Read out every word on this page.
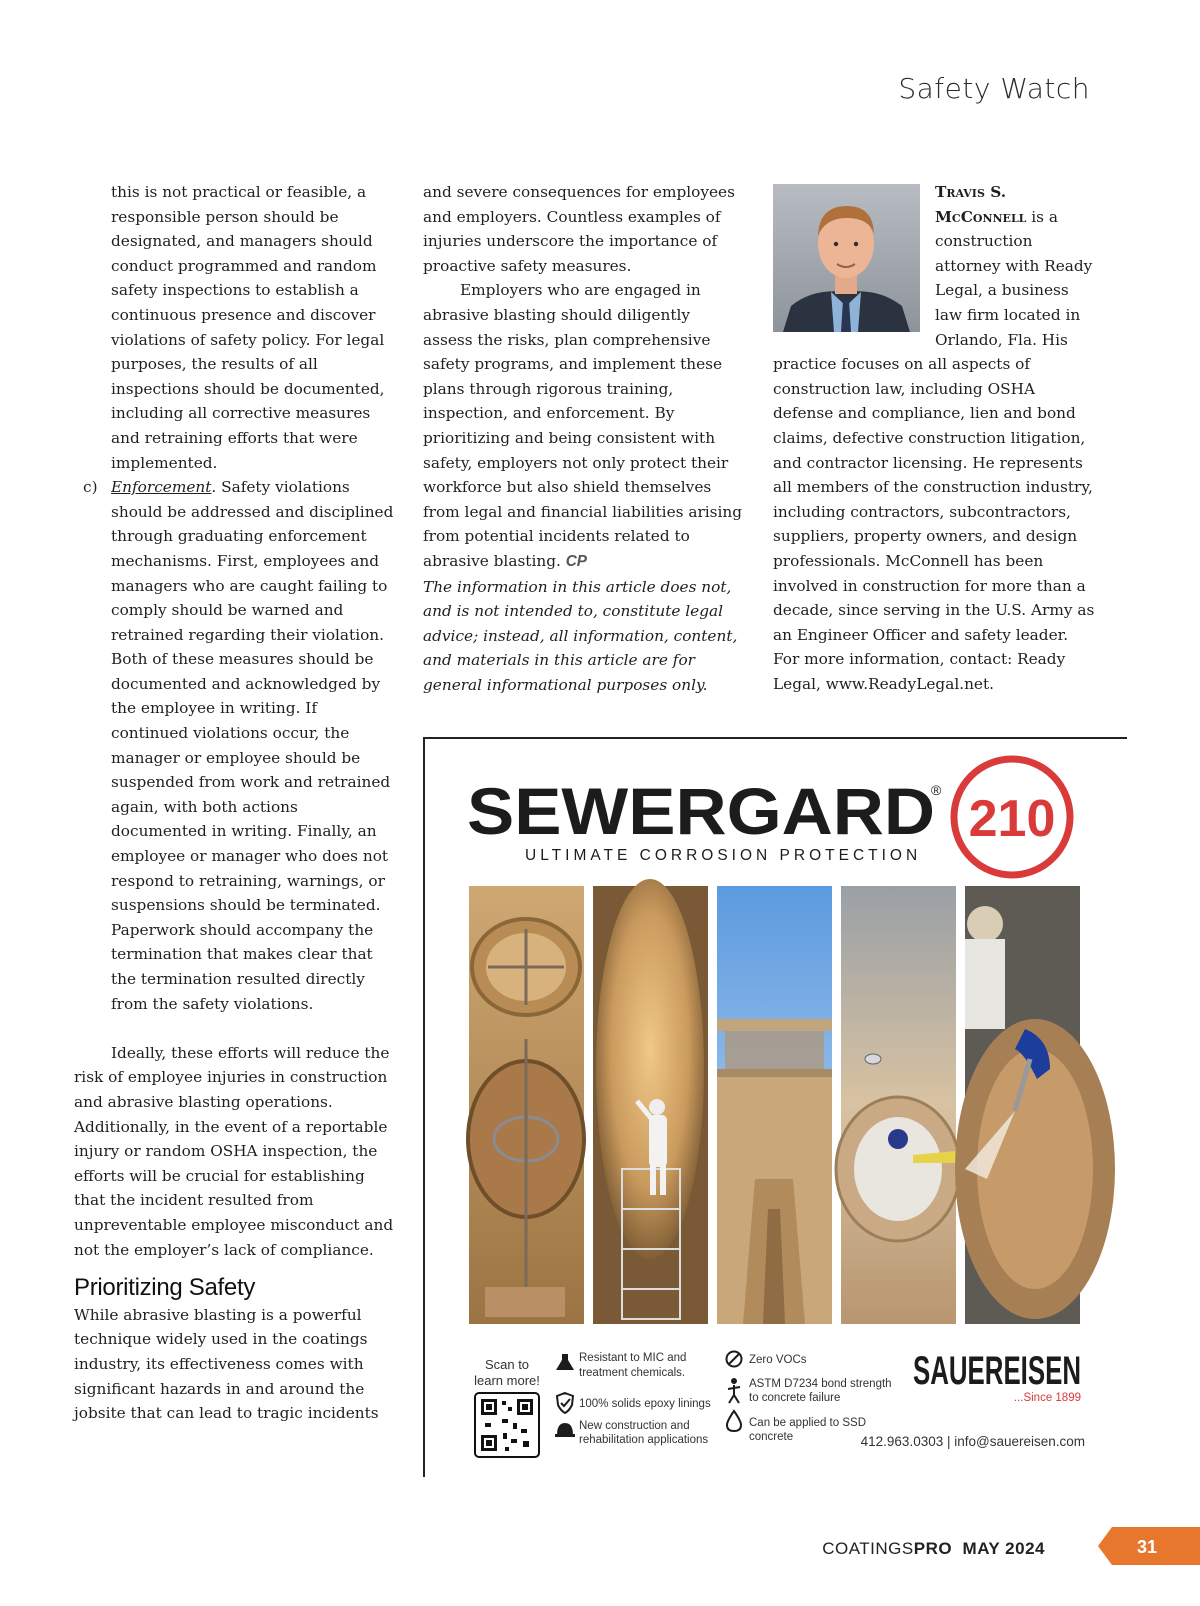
Safety Watch

this is not practical or feasible, a responsible person should be designated, and managers should conduct programmed and random safety inspections to establish a continuous presence and discover violations of safety policy. For legal purposes, the results of all inspections should be documented, including all corrective measures and retraining efforts that were implemented.

c) Enforcement. Safety violations should be addressed and disciplined through graduating enforcement mechanisms. First, employees and managers who are caught failing to comply should be warned and retrained regarding their violation. Both of these measures should be documented and acknowledged by the employee in writing. If continued violations occur, the manager or employee should be suspended from work and retrained again, with both actions documented in writing. Finally, an employee or manager who does not respond to retraining, warnings, or suspensions should be terminated. Paperwork should accompany the termination that makes clear that the termination resulted directly from the safety violations.

Ideally, these efforts will reduce the risk of employee injuries in construction and abrasive blasting operations. Additionally, in the event of a reportable injury or random OSHA inspection, the efforts will be crucial for establishing that the incident resulted from unpreventable employee misconduct and not the employer’s lack of compliance.

Prioritizing Safety

While abrasive blasting is a powerful technique widely used in the coatings industry, its effectiveness comes with significant hazards in and around the jobsite that can lead to tragic incidents

and severe consequences for employees and employers. Countless examples of injuries underscore the importance of proactive safety measures.

Employers who are engaged in abrasive blasting should diligently assess the risks, plan comprehensive safety programs, and implement these plans through rigorous training, inspection, and enforcement. By prioritizing and being consistent with safety, employers not only protect their workforce but also shield themselves from legal and financial liabilities arising from potential incidents related to abrasive blasting. CP

The information in this article does not, and is not intended to, constitute legal advice; instead, all information, content, and materials in this article are for general informational purposes only.

Travis S. McConnell is a construction attorney with Ready Legal, a business law firm located in Orlando, Fla. His practice focuses on all aspects of construction law, including OSHA defense and compliance, lien and bond claims, defective construction litigation, and contractor licensing. He represents all members of the construction industry, including contractors, subcontractors, suppliers, property owners, and design professionals. McConnell has been involved in construction for more than a decade, since serving in the U.S. Army as an Engineer Officer and safety leader. For more information, contact: Ready Legal, www.ReadyLegal.net.

SEWERGARD
®
ULTIMATE CORROSION PROTECTION
210
Scan to
learn more!
Resistant to MIC and
treatment chemicals.
100% solids epoxy linings
New construction and
rehabilitation applications
Zero VOCs
ASTM D7234 bond strength
to concrete failure
Can be applied to SSD
concrete
SAUEREISEN
...Since 1899
412.963.0303 | info@sauereisen.com
COATINGSPRO MAY 2024	31
